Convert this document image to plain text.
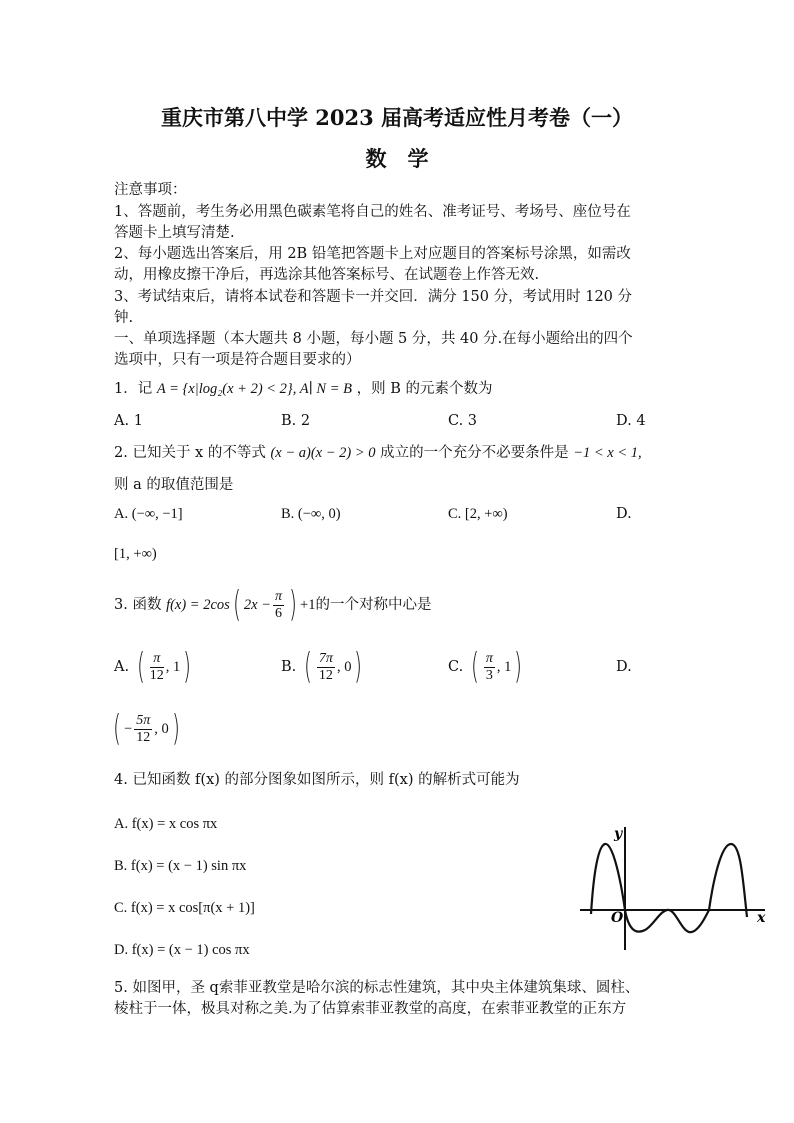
重庆市第八中学 2023 届高考适应性月考卷（一）
数　学
注意事项：
1、答题前，考生务必用黑色碳素笔将自己的姓名、准考证号、考场号、座位号在
答题卡上填写清楚.
2、每小题选出答案后，用 2B 铅笔把答题卡上对应题目的答案标号涂黑，如需改
动，用橡皮擦干净后，再选涂其他答案标号、在试题卷上作答无效.
3、考试结束后，请将本试卷和答题卡一并交回．满分 150 分，考试用时 120 分
钟.
一、单项选择题（本大题共 8 小题，每小题 5 分，共 40 分.在每小题给出的四个
选项中，只有一项是符合题目要求的）
1．记 A = {x|log₂(x + 2) < 2}, A∣ N = B ，则 B 的元素个数为
A. 1	B. 2	C. 3	D. 4
2. 已知关于 x 的不等式 (x − a)(x − 2) > 0 成立的一个充分不必要条件是 −1 < x < 1,
则 a 的取值范围是
A. (−∞, −1]	B. (−∞, 0)	C. [2, +∞)	D.
[1, +∞)
3. 函数 f(x) = 2cos( $2x - \frac{\pi}{6}$ ) +1的一个对称中心是
A. ( $\frac{\pi}{12}$ , 1)	B. ( $\frac{7\pi}{12}$ , 0)	C. ( $\frac{\pi}{3}$ , 1)	D.
( − $\frac{5\pi}{12}$ , 0)
4. 已知函数 f(x) 的部分图象如图所示，则 f(x) 的解析式可能为
A. f(x) = x cos πx
B. f(x) = (x − 1) sin πx
C. f(x) = x cos[π(x + 1)]
D. f(x) = (x − 1) cos πx
y
x
O
5. 如图甲，圣 q索菲亚教堂是哈尔滨的标志性建筑，其中央主体建筑集球、圆柱、
棱柱于一体，极具对称之美.为了估算索菲亚教堂的高度，在索菲亚教堂的正东方
